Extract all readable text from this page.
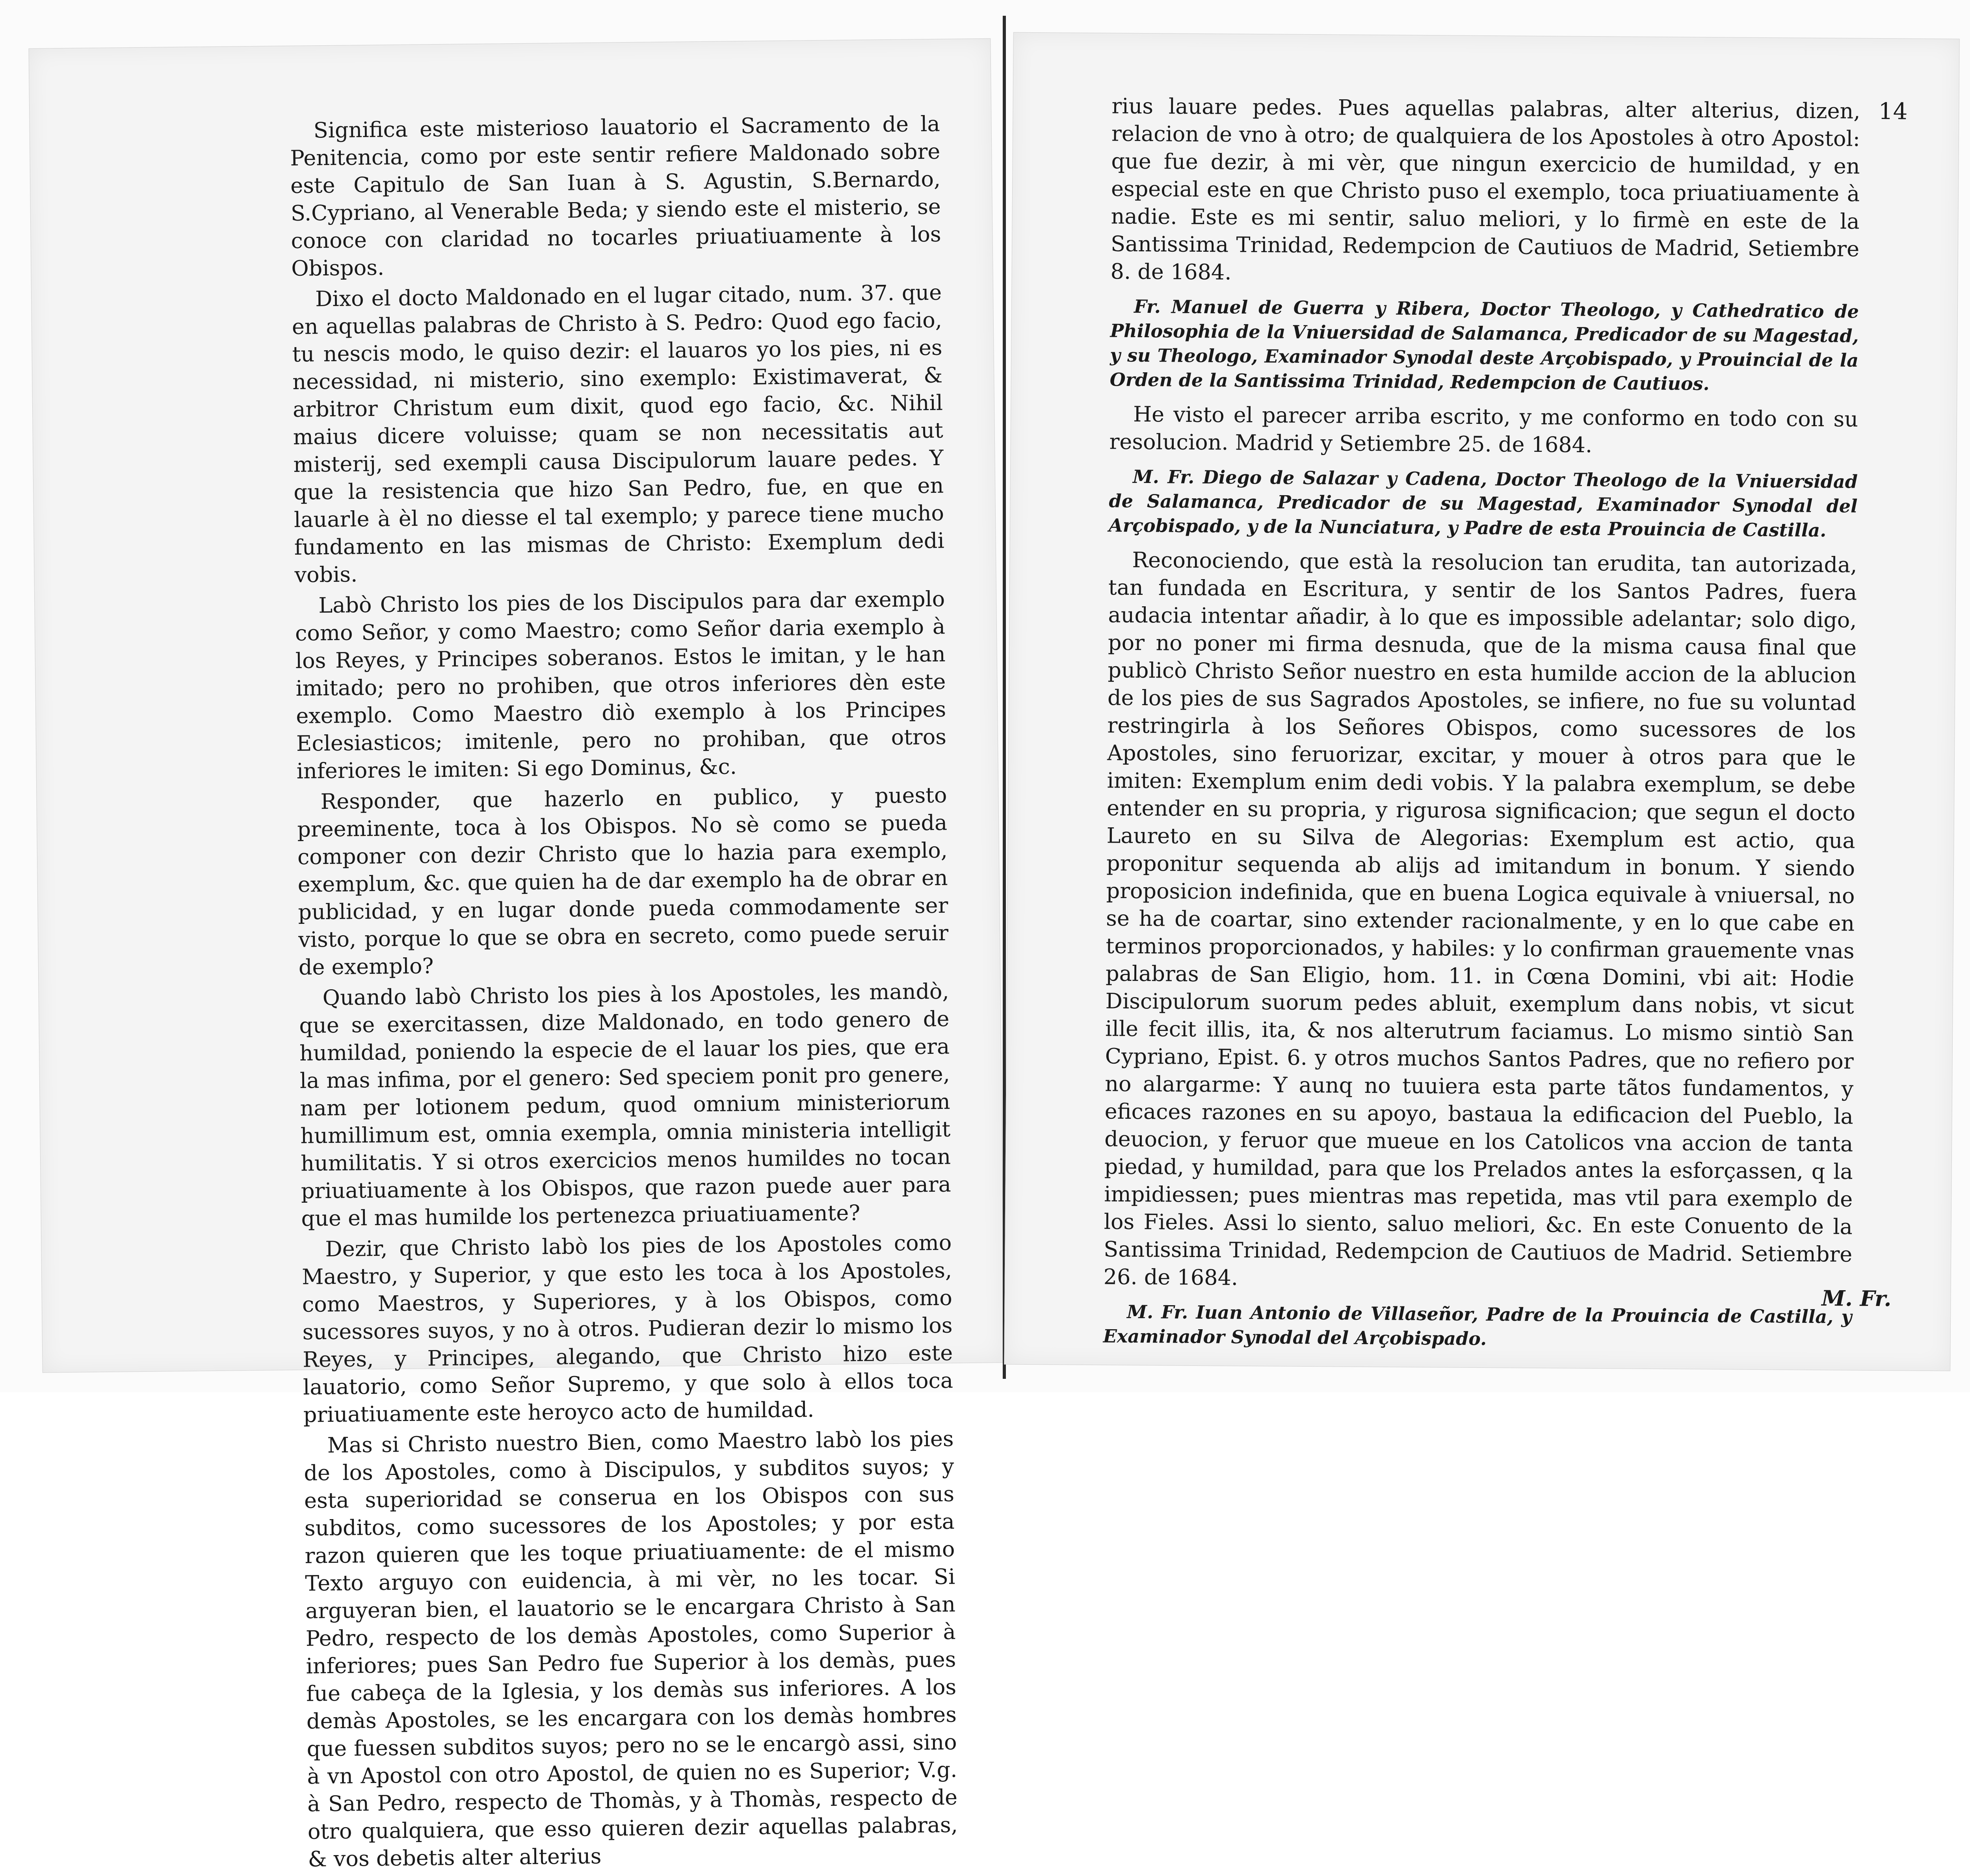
Significa este misterioso lauatorio el Sacramento de la Penitencia, como por este sentir refiere Maldonado sobre este Capitulo de San Iuan à S. Agustin, S.Bernardo, S.Cypriano, al Venerable Beda; y siendo este el misterio, se conoce con claridad no tocarles priuatiuamente à los Obispos.

Dixo el docto Maldonado en el lugar citado, num. 37. que en aquellas palabras de Christo à S. Pedro: Quod ego facio, tu nescis modo, le quiso dezir: el lauaros yo los pies, ni es necessidad, ni misterio, sino exemplo: Existimaverat, & arbitror Christum eum dixit, quod ego facio, &c. Nihil maius dicere voluisse; quam se non necessitatis aut misterij, sed exempli causa Discipulorum lauare pedes. Y que la resistencia que hizo San Pedro, fue, en que en lauarle à èl no diesse el tal exemplo; y parece tiene mucho fundamento en las mismas de Christo: Exemplum dedi vobis.

Labò Christo los pies de los Discipulos para dar exemplo como Señor, y como Maestro; como Señor daria exemplo à los Reyes, y Principes soberanos. Estos le imitan, y le han imitado; pero no prohiben, que otros inferiores dèn este exemplo. Como Maestro diò exemplo à los Principes Eclesiasticos; imitenle, pero no prohiban, que otros inferiores le imiten: Si ego Dominus, &c.

Responder, que hazerlo en publico, y puesto preeminente, toca à los Obispos. No sè como se pueda componer con dezir Christo que lo hazia para exemplo, exemplum, &c. que quien ha de dar exemplo ha de obrar en publicidad, y en lugar donde pueda commodamente ser visto, porque lo que se obra en secreto, como puede seruir de exemplo?

Quando labò Christo los pies à los Apostoles, les mandò, que se exercitassen, dize Maldonado, en todo genero de humildad, poniendo la especie de el lauar los pies, que era la mas infima, por el genero: Sed speciem ponit pro genere, nam per lotionem pedum, quod omnium ministeriorum humillimum est, omnia exempla, omnia ministeria intelligit humilitatis. Y si otros exercicios menos humildes no tocan priuatiuamente à los Obispos, que razon puede auer para que el mas humilde los pertenezca priuatiuamente?

Dezir, que Christo labò los pies de los Apostoles como Maestro, y Superior, y que esto les toca à los Apostoles, como Maestros, y Superiores, y à los Obispos, como sucessores suyos, y no à otros. Pudieran dezir lo mismo los Reyes, y Principes, alegando, que Christo hizo este lauatorio, como Señor Supremo, y que solo à ellos toca priuatiuamente este heroyco acto de humildad.

Mas si Christo nuestro Bien, como Maestro labò los pies de los Apostoles, como à Discipulos, y subditos suyos; y esta superioridad se conserua en los Obispos con sus subditos, como sucessores de los Apostoles; y por esta razon quieren que les toque priuatiuamente: de el mismo Texto arguyo con euidencia, à mi vèr, no les tocar. Si arguyeran bien, el lauatorio se le encargara Christo à San Pedro, respecto de los demàs Apostoles, como Superior à inferiores; pues San Pedro fue Superior à los demàs, pues fue cabeça de la Iglesia, y los demàs sus inferiores. A los demàs Apostoles, se les encargara con los demàs hombres que fuessen subditos suyos; pero no se le encargò assi, sino à vn Apostol con otro Apostol, de quien no es Superior; V.g. à San Pedro, respecto de Thomàs, y à Thomàs, respecto de otro qualquiera, que esso quieren dezir aquellas palabras, & vos debetis alter alterius

14

rius lauare pedes. Pues aquellas palabras, alter alterius, dizen, relacion de vno à otro; de qualquiera de los Apostoles à otro Apostol: que fue dezir, à mi vèr, que ningun exercicio de humildad, y en especial este en que Christo puso el exemplo, toca priuatiuamente à nadie. Este es mi sentir, saluo meliori, y lo firmè en este de la Santissima Trinidad, Redempcion de Cautiuos de Madrid, Setiembre 8. de 1684.

Fr. Manuel de Guerra y Ribera, Doctor Theologo, y Cathedratico de Philosophia de la Vniuersidad de Salamanca, Predicador de su Magestad, y su Theologo, Examinador Synodal deste Arçobispado, y Prouincial de la Orden de la Santissima Trinidad, Redempcion de Cautiuos.

He visto el parecer arriba escrito, y me conformo en todo con su resolucion. Madrid y Setiembre 25. de 1684.

M. Fr. Diego de Salazar y Cadena, Doctor Theologo de la Vniuersidad de Salamanca, Predicador de su Magestad, Examinador Synodal del Arçobispado, y de la Nunciatura, y Padre de esta Prouincia de Castilla.

Reconociendo, que està la resolucion tan erudita, tan autorizada, tan fundada en Escritura, y sentir de los Santos Padres, fuera audacia intentar añadir, à lo que es impossible adelantar; solo digo, por no poner mi firma desnuda, que de la misma causa final que publicò Christo Señor nuestro en esta humilde accion de la ablucion de los pies de sus Sagrados Apostoles, se infiere, no fue su voluntad restringirla à los Señores Obispos, como sucessores de los Apostoles, sino feruorizar, excitar, y mouer à otros para que le imiten: Exemplum enim dedi vobis. Y la palabra exemplum, se debe entender en su propria, y rigurosa significacion; que segun el docto Laureto en su Silva de Alegorias: Exemplum est actio, qua proponitur sequenda ab alijs ad imitandum in bonum. Y siendo proposicion indefinida, que en buena Logica equivale à vniuersal, no se ha de coartar, sino extender racionalmente, y en lo que cabe en terminos proporcionados, y habiles: y lo confirman grauemente vnas palabras de San Eligio, hom. 11. in Cœna Domini, vbi ait: Hodie Discipulorum suorum pedes abluit, exemplum dans nobis, vt sicut ille fecit illis, ita, & nos alterutrum faciamus. Lo mismo sintiò San Cypriano, Epist. 6. y otros muchos Santos Padres, que no refiero por no alargarme: Y aunq no tuuiera esta parte tãtos fundamentos, y eficaces razones en su apoyo, bastaua la edificacion del Pueblo, la deuocion, y feruor que mueue en los Catolicos vna accion de tanta piedad, y humildad, para que los Prelados antes la esforçassen, q la impidiessen; pues mientras mas repetida, mas vtil para exemplo de los Fieles. Assi lo siento, saluo meliori, &c. En este Conuento de la Santissima Trinidad, Redempcion de Cautiuos de Madrid. Setiembre 26. de 1684.

M. Fr. Iuan Antonio de Villaseñor, Padre de la Prouincia de Castilla, y Examinador Synodal del Arçobispado.

M. Fr.
